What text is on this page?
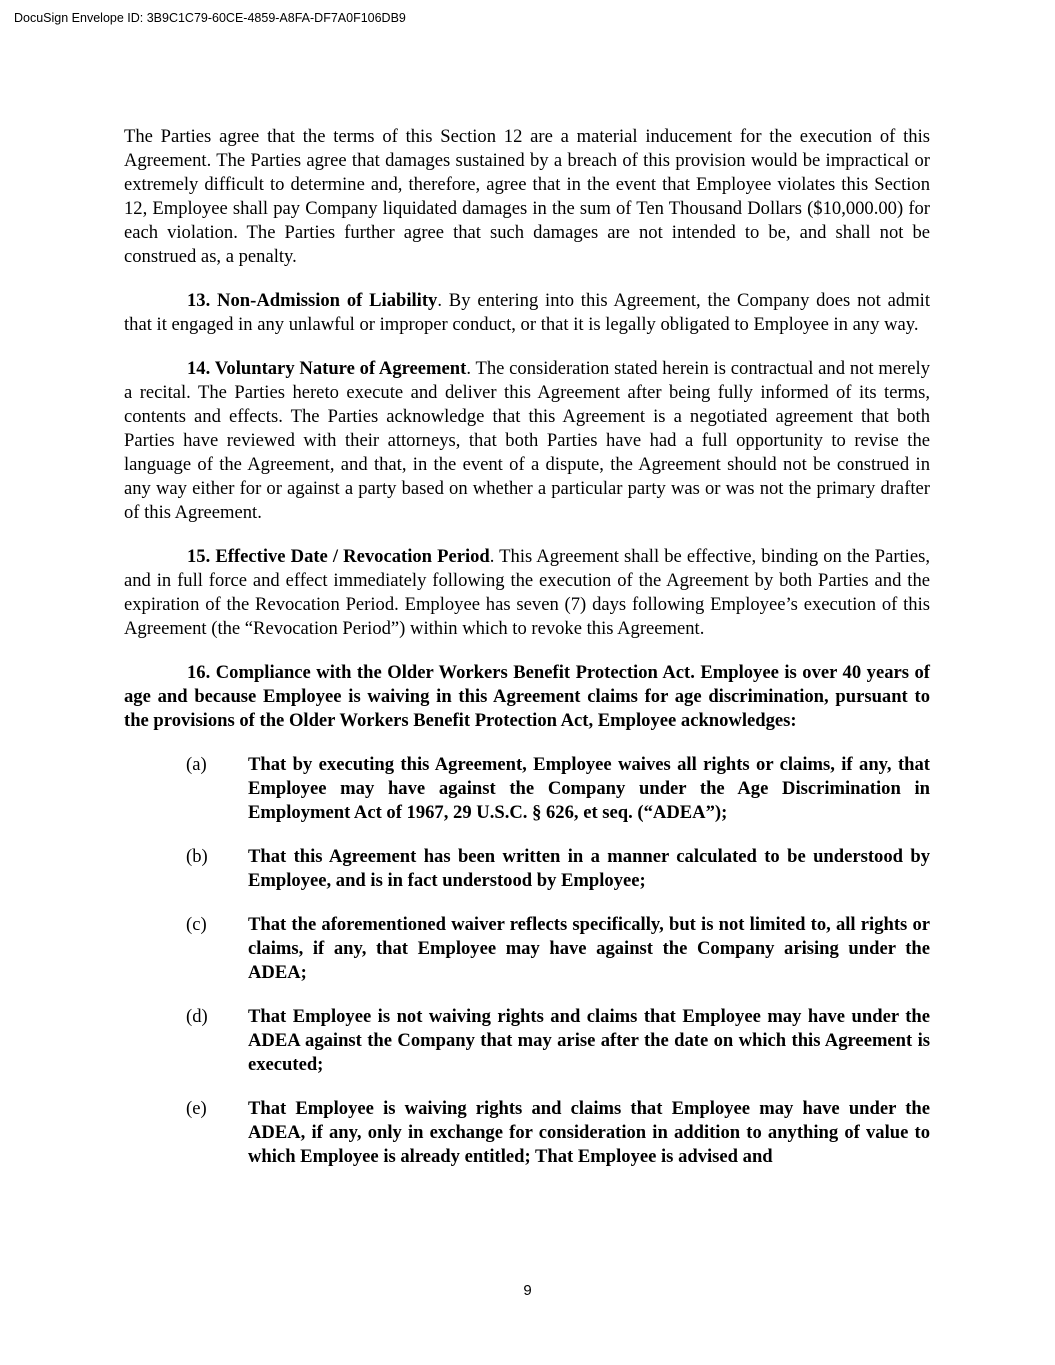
DocuSign Envelope ID: 3B9C1C79-60CE-4859-A8FA-DF7A0F106DB9

The Parties agree that the terms of this Section 12 are a material inducement for the execution of this Agreement. The Parties agree that damages sustained by a breach of this provision would be impractical or extremely difficult to determine and, therefore, agree that in the event that Employee violates this Section 12, Employee shall pay Company liquidated damages in the sum of Ten Thousand Dollars ($10,000.00) for each violation. The Parties further agree that such damages are not intended to be, and shall not be construed as, a penalty.

13. Non-Admission of Liability. By entering into this Agreement, the Company does not admit that it engaged in any unlawful or improper conduct, or that it is legally obligated to Employee in any way.

14. Voluntary Nature of Agreement. The consideration stated herein is contractual and not merely a recital. The Parties hereto execute and deliver this Agreement after being fully informed of its terms, contents and effects. The Parties acknowledge that this Agreement is a negotiated agreement that both Parties have reviewed with their attorneys, that both Parties have had a full opportunity to revise the language of the Agreement, and that, in the event of a dispute, the Agreement should not be construed in any way either for or against a party based on whether a particular party was or was not the primary drafter of this Agreement.

15. Effective Date / Revocation Period. This Agreement shall be effective, binding on the Parties, and in full force and effect immediately following the execution of the Agreement by both Parties and the expiration of the Revocation Period. Employee has seven (7) days following Employee’s execution of this Agreement (the “Revocation Period”) within which to revoke this Agreement.

16. Compliance with the Older Workers Benefit Protection Act. Employee is over 40 years of age and because Employee is waiving in this Agreement claims for age discrimination, pursuant to the provisions of the Older Workers Benefit Protection Act, Employee acknowledges:

(a)	That by executing this Agreement, Employee waives all rights or claims, if any, that Employee may have against the Company under the Age Discrimination in Employment Act of 1967, 29 U.S.C. § 626, et seq. (“ADEA”);
(b)	That this Agreement has been written in a manner calculated to be understood by Employee, and is in fact understood by Employee;
(c)	That the aforementioned waiver reflects specifically, but is not limited to, all rights or claims, if any, that Employee may have against the Company arising under the ADEA;
(d)	That Employee is not waiving rights and claims that Employee may have under the ADEA against the Company that may arise after the date on which this Agreement is executed;
(e)	That Employee is waiving rights and claims that Employee may have under the ADEA, if any, only in exchange for consideration in addition to anything of value to which Employee is already entitled; That Employee is advised and
9
